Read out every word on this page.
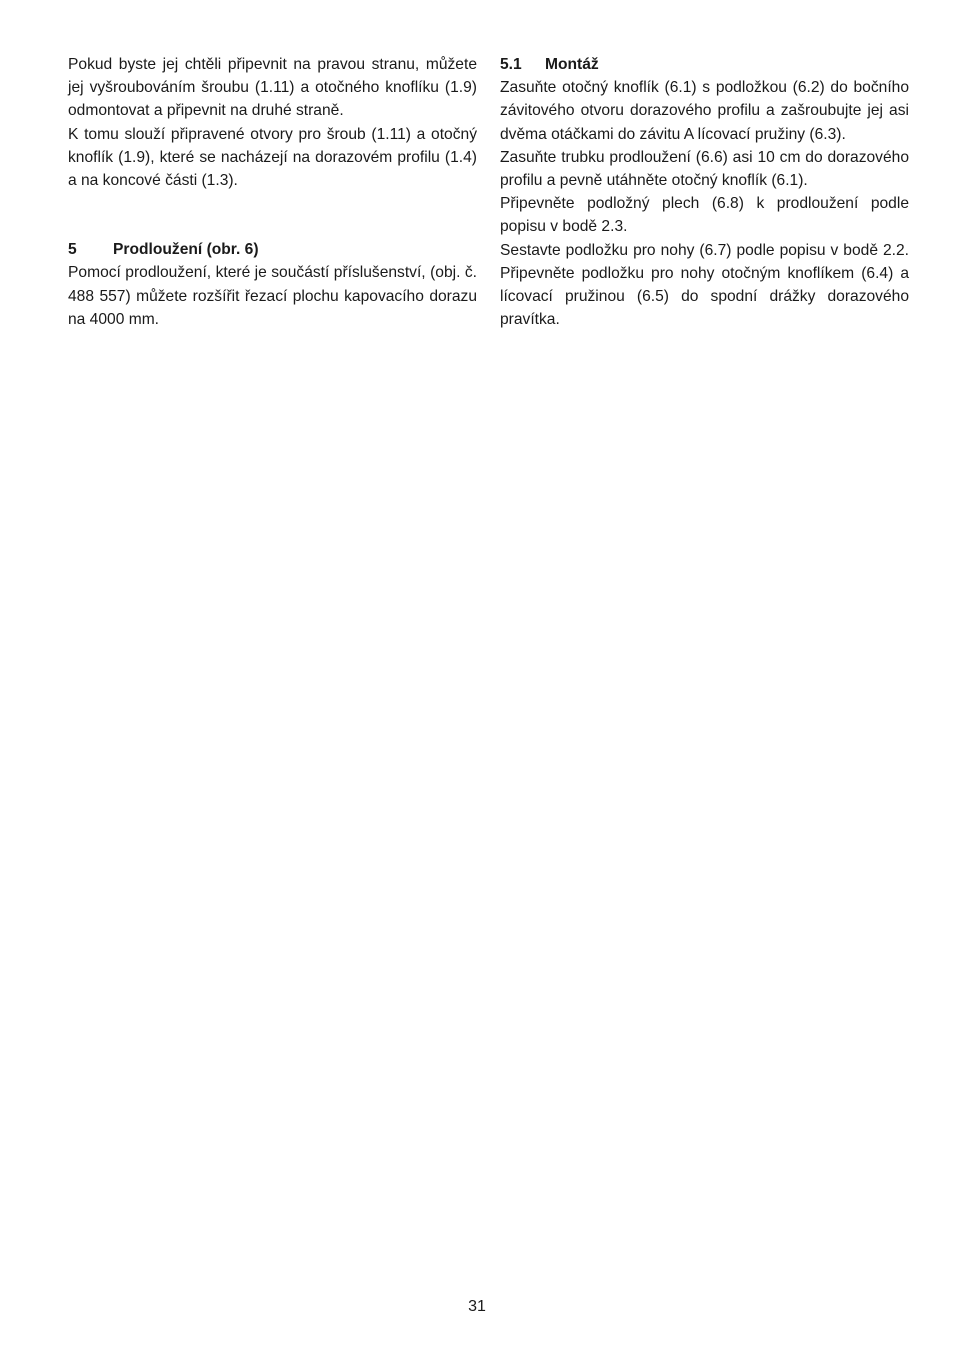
Pokud byste jej chtěli připevnit na pravou stranu, můžete jej vyšroubováním šroubu (1.11) a otočného knoflíku (1.9) odmontovat a připevnit na druhé straně.

K tomu slouží připravené otvory pro šroub (1.11) a otočný knoflík (1.9), které se nacházejí na dorazovém profilu (1.4) a na koncové části (1.3).

5	Prodloužení (obr. 6)

Pomocí prodloužení, které je součástí příslušenství, (obj. č. 488 557) můžete rozšířit řezací plochu kapovacího dorazu na 4000 mm.

5.1	Montáž

Zasuňte otočný knoflík (6.1) s podložkou (6.2) do bočního závitového otvoru dorazového profilu a zašroubujte jej asi dvěma otáčkami do závitu A lícovací pružiny (6.3).

Zasuňte trubku prodloužení (6.6) asi 10 cm do dorazového profilu a pevně utáhněte otočný knoflík (6.1).

Připevněte podložný plech (6.8) k prodloužení podle popisu v bodě 2.3.

Sestavte podložku pro nohy (6.7) podle popisu v bodě 2.2. Připevněte podložku pro nohy otočným knoflíkem (6.4) a lícovací pružinou (6.5) do spodní drážky dorazového pravítka.

31
